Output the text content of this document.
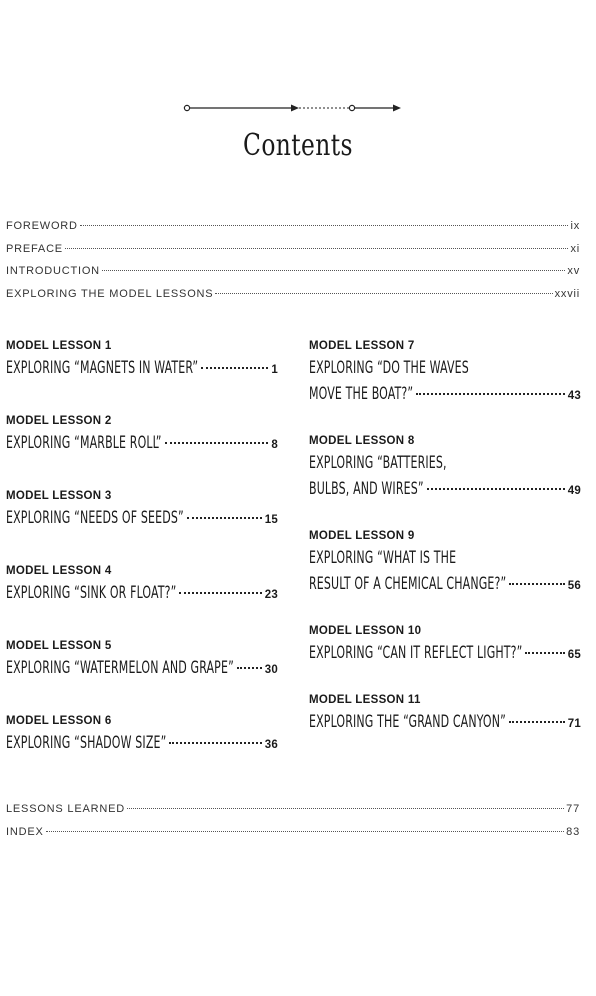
Contents
FOREWORD	ix
PREFACE	xi
INTRODUCTION	xv
EXPLORING THE MODEL LESSONS	xxvii
MODEL LESSON 1
EXPLORING “MAGNETS IN WATER”	1
MODEL LESSON 2
EXPLORING “MARBLE ROLL”	8
MODEL LESSON 3
EXPLORING “NEEDS OF SEEDS”	15
MODEL LESSON 4
EXPLORING “SINK OR FLOAT?”	23
MODEL LESSON 5
EXPLORING “WATERMELON AND GRAPE”	30
MODEL LESSON 6
EXPLORING “SHADOW SIZE”	36
MODEL LESSON 7
EXPLORING “DO THE WAVES
MOVE THE BOAT?”	43
MODEL LESSON 8
EXPLORING “BATTERIES,
BULBS, AND WIRES”	49
MODEL LESSON 9
EXPLORING “WHAT IS THE
RESULT OF A CHEMICAL CHANGE?”	56
MODEL LESSON 10
EXPLORING “CAN IT REFLECT LIGHT?”	65
MODEL LESSON 11
EXPLORING THE “GRAND CANYON”	71
LESSONS LEARNED	77
INDEX	83
